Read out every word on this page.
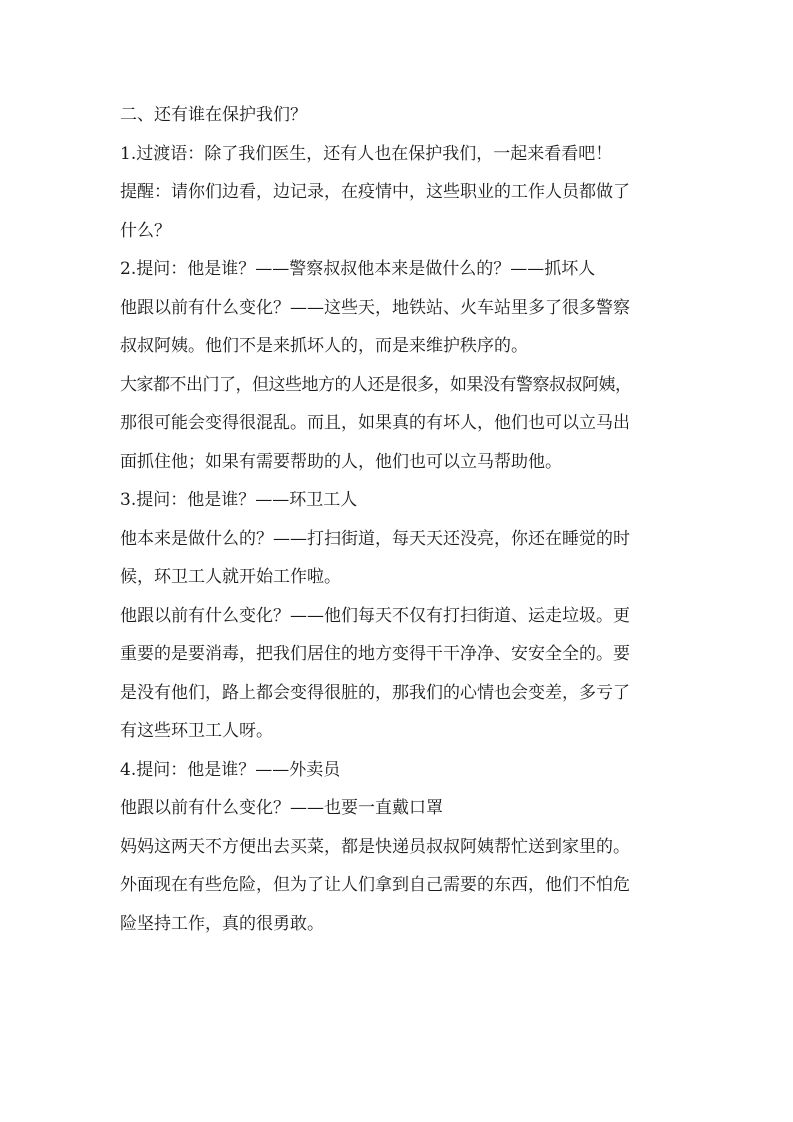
二、还有谁在保护我们？
1.过渡语：除了我们医生，还有人也在保护我们，一起来看看吧！
提醒：请你们边看，边记录，在疫情中，这些职业的工作人员都做了
什么？
2.提问：他是谁？——警察叔叔他本来是做什么的？——抓坏人
他跟以前有什么变化？——这些天，地铁站、火车站里多了很多警察
叔叔阿姨。他们不是来抓坏人的，而是来维护秩序的。
大家都不出门了，但这些地方的人还是很多，如果没有警察叔叔阿姨，
那很可能会变得很混乱。而且，如果真的有坏人，他们也可以立马出
面抓住他；如果有需要帮助的人，他们也可以立马帮助他。
3.提问：他是谁？——环卫工人
他本来是做什么的？——打扫街道，每天天还没亮，你还在睡觉的时
候，环卫工人就开始工作啦。
他跟以前有什么变化？——他们每天不仅有打扫街道、运走垃圾。更
重要的是要消毒，把我们居住的地方变得干干净净、安安全全的。要
是没有他们，路上都会变得很脏的，那我们的心情也会变差，多亏了
有这些环卫工人呀。
4.提问：他是谁？——外卖员
他跟以前有什么变化？——也要一直戴口罩
妈妈这两天不方便出去买菜，都是快递员叔叔阿姨帮忙送到家里的。
外面现在有些危险，但为了让人们拿到自己需要的东西，他们不怕危
险坚持工作，真的很勇敢。
